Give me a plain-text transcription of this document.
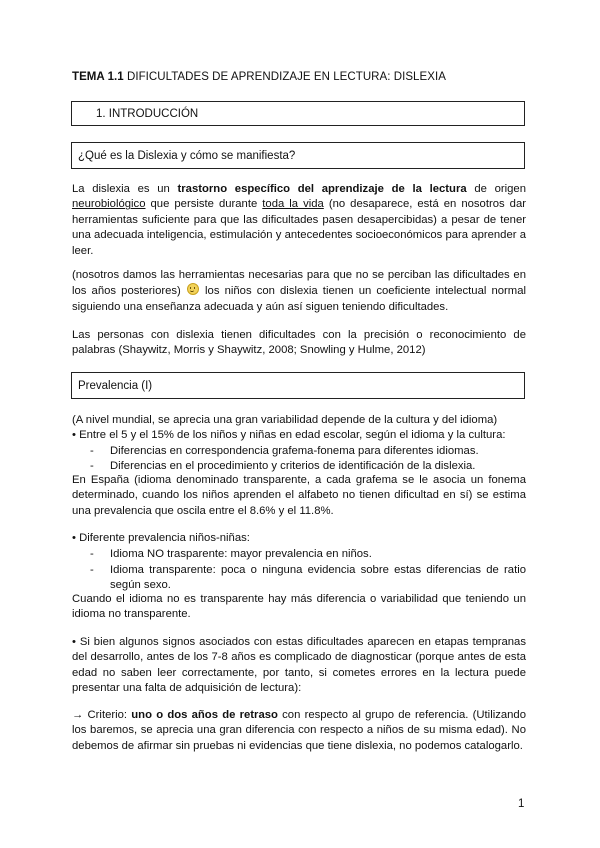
TEMA 1.1 DIFICULTADES DE APRENDIZAJE EN LECTURA: DISLEXIA
1. INTRODUCCIÓN
¿Qué es la Dislexia y cómo se manifiesta?

La dislexia es un trastorno específico del aprendizaje de la lectura de origen neurobiológico que persiste durante toda la vida (no desaparece, está en nosotros dar herramientas suficiente para que las dificultades pasen desapercibidas) a pesar de tener una adecuada inteligencia, estimulación y antecedentes socioeconómicos para aprender a leer.

(nosotros damos las herramientas necesarias para que no se perciban las dificultades en los años posteriores)  los niños con dislexia tienen un coeficiente intelectual normal siguiendo una enseñanza adecuada y aún así siguen teniendo dificultades.

Las personas con dislexia tienen dificultades con la precisión o reconocimiento de palabras (Shaywitz, Morris y Shaywitz, 2008; Snowling y Hulme, 2012)

Prevalencia (I)
(A nivel mundial, se aprecia una gran variabilidad depende de la cultura y del idioma)
• Entre el 5 y el 15% de los niños y niñas en edad escolar, según el idioma y la cultura:
- Diferencias en correspondencia grafema-fonema para diferentes idiomas.
- Diferencias en el procedimiento y criterios de identificación de la dislexia.

En España (idioma denominado transparente, a cada grafema se le asocia un fonema determinado, cuando los niños aprenden el alfabeto no tienen dificultad en sí) se estima una prevalencia que oscila entre el 8.6% y el 11.8%.

• Diferente prevalencia niños-niñas:
- Idioma NO trasparente: mayor prevalencia en niños.
- Idioma transparente: poca o ninguna evidencia sobre estas diferencias de ratio según sexo.

Cuando el idioma no es transparente hay más diferencia o variabilidad que teniendo un idioma no transparente.

• Si bien algunos signos asociados con estas dificultades aparecen en etapas tempranas del desarrollo, antes de los 7-8 años es complicado de diagnosticar (porque antes de esta edad no saben leer correctamente, por tanto, si cometes errores en la lectura puede presentar una falta de adquisición de lectura):

→ Criterio: uno o dos años de retraso con respecto al grupo de referencia. (Utilizando los baremos, se aprecia una gran diferencia con respecto a niños de su misma edad). No debemos de afirmar sin pruebas ni evidencias que tiene dislexia, no podemos catalogarlo.

1
